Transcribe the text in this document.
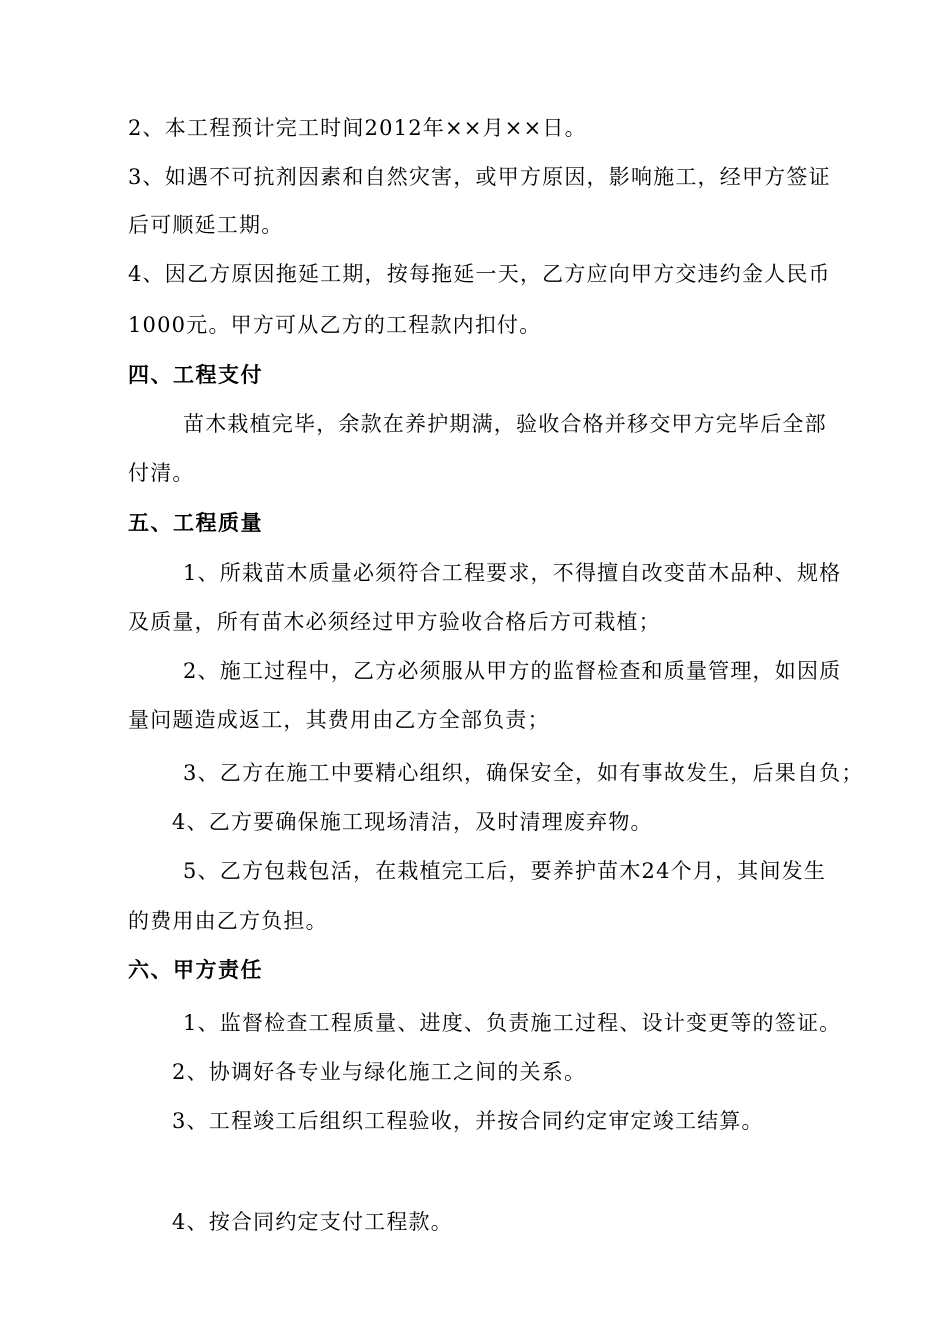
2、本工程预计完工时间2012年××月××日。
3、如遇不可抗剂因素和自然灾害，或甲方原因，影响施工，经甲方签证
后可顺延工期。
4、因乙方原因拖延工期，按每拖延一天，乙方应向甲方交违约金人民币
1000元。甲方可从乙方的工程款内扣付。
四、工程支付
苗木栽植完毕，余款在养护期满，验收合格并移交甲方完毕后全部
付清。
五、工程质量
1、所栽苗木质量必须符合工程要求，不得擅自改变苗木品种、规格
及质量，所有苗木必须经过甲方验收合格后方可栽植；
2、施工过程中，乙方必须服从甲方的监督检查和质量管理，如因质
量问题造成返工，其费用由乙方全部负责；
3、乙方在施工中要精心组织，确保安全，如有事故发生，后果自负；
4、乙方要确保施工现场清洁，及时清理废弃物。
5、乙方包栽包活，在栽植完工后，要养护苗木24个月，其间发生
的费用由乙方负担。
六、甲方责任
1、监督检查工程质量、进度、负责施工过程、设计变更等的签证。
2、协调好各专业与绿化施工之间的关系。
3、工程竣工后组织工程验收，并按合同约定审定竣工结算。
4、按合同约定支付工程款。
